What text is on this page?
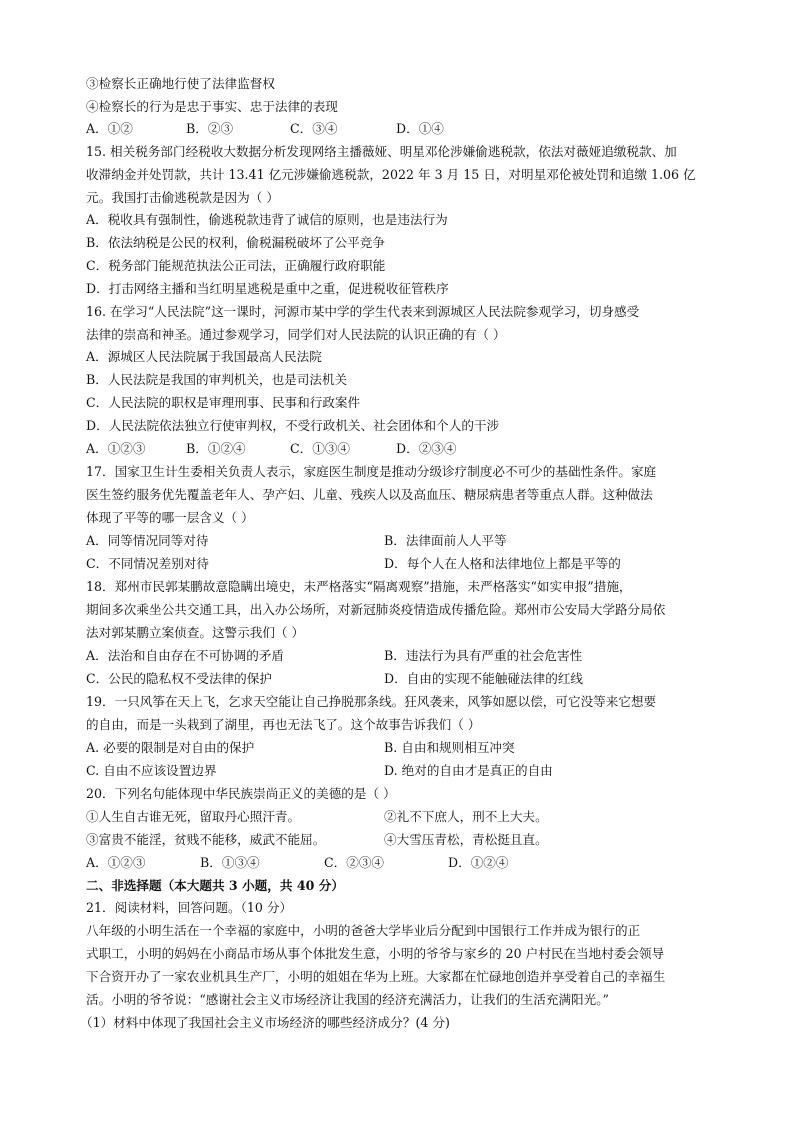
③检察长正确地行使了法律监督权
④检察长的行为是忠于事实、忠于法律的表现
A．①②	B．②③	C．③④	D．①④
15. 相关税务部门经税收大数据分析发现网络主播薇娅、明星邓伦涉嫌偷逃税款，依法对薇娅追缴税款、加
收滞纳金并处罚款，共计 13.41 亿元涉嫌偷逃税款，2022 年 3 月 15 日，对明星邓伦被处罚和追缴 1.06 亿
元。我国打击偷逃税款是因为（ ）
A．税收具有强制性，偷逃税款违背了诚信的原则，也是违法行为
B．依法纳税是公民的权利，偷税漏税破坏了公平竞争
C．税务部门能规范执法公正司法，正确履行政府职能
D．打击网络主播和当红明星逃税是重中之重，促进税收征管秩序
16. 在学习“人民法院”这一课时，河源市某中学的学生代表来到源城区人民法院参观学习，切身感受
法律的崇高和神圣。通过参观学习，同学们对人民法院的认识正确的有（ ）
A．源城区人民法院属于我国最高人民法院
B．人民法院是我国的审判机关，也是司法机关
C．人民法院的职权是审理刑事、民事和行政案件
D．人民法院依法独立行使审判权，不受行政机关、社会团体和个人的干涉
A．①②③	B．①②④	C．①③④	D．②③④
17．国家卫生计生委相关负责人表示，家庭医生制度是推动分级诊疗制度必不可少的基础性条件。家庭
医生签约服务优先覆盖老年人、孕产妇、儿童、残疾人以及高血压、糖尿病患者等重点人群。这种做法
体现了平等的哪一层含义（ ）
A．同等情况同等对待	B．法律面前人人平等
C．不同情况差别对待	D．每个人在人格和法律地位上都是平等的
18．郑州市民郭某鹏故意隐瞒出境史，未严格落实“隔离观察”措施，未严格落实“如实申报”措施，
期间多次乘坐公共交通工具，出入办公场所，对新冠肺炎疫情造成传播危险。郑州市公安局大学路分局依
法对郭某鹏立案侦查。这警示我们（ ）
A．法治和自由存在不可协调的矛盾	B．违法行为具有严重的社会危害性
C．公民的隐私权不受法律的保护	D．自由的实现不能触碰法律的红线
19．一只风筝在天上飞，乞求天空能让自己挣脱那条线。狂风袭来，风筝如愿以偿，可它没等来它想要
的自由，而是一头栽到了湖里，再也无法飞了。这个故事告诉我们（ ）
A. 必要的限制是对自由的保护	B. 自由和规则相互冲突
C. 自由不应该设置边界	D. 绝对的自由才是真正的自由
20．下列名句能体现中华民族崇尚正义的美德的是（ ）
①人生自古谁无死，留取丹心照汗青。	②礼不下庶人，刑不上大夫。
③富贵不能淫，贫贱不能移，威武不能屈。	④大雪压青松，青松挺且直。
A．①②③	B．①③④	C．②③④	D．①②④
二、非选择题（本大题共 3 小题，共 40 分）
21．阅读材料，回答问题。（10 分）
八年级的小明生活在一个幸福的家庭中，小明的爸爸大学毕业后分配到中国银行工作并成为银行的正
式职工，小明的妈妈在小商品市场从事个体批发生意，小明的爷爷与家乡的 20 户村民在当地村委会领导
下合资开办了一家农业机具生产厂，小明的姐姐在华为上班。大家都在忙碌地创造并享受着自己的幸福生
活。小明的爷爷说：“感谢社会主义市场经济让我国的经济充满活力，让我们的生活充满阳光。”
（1）材料中体现了我国社会主义市场经济的哪些经济成分？(4 分)
